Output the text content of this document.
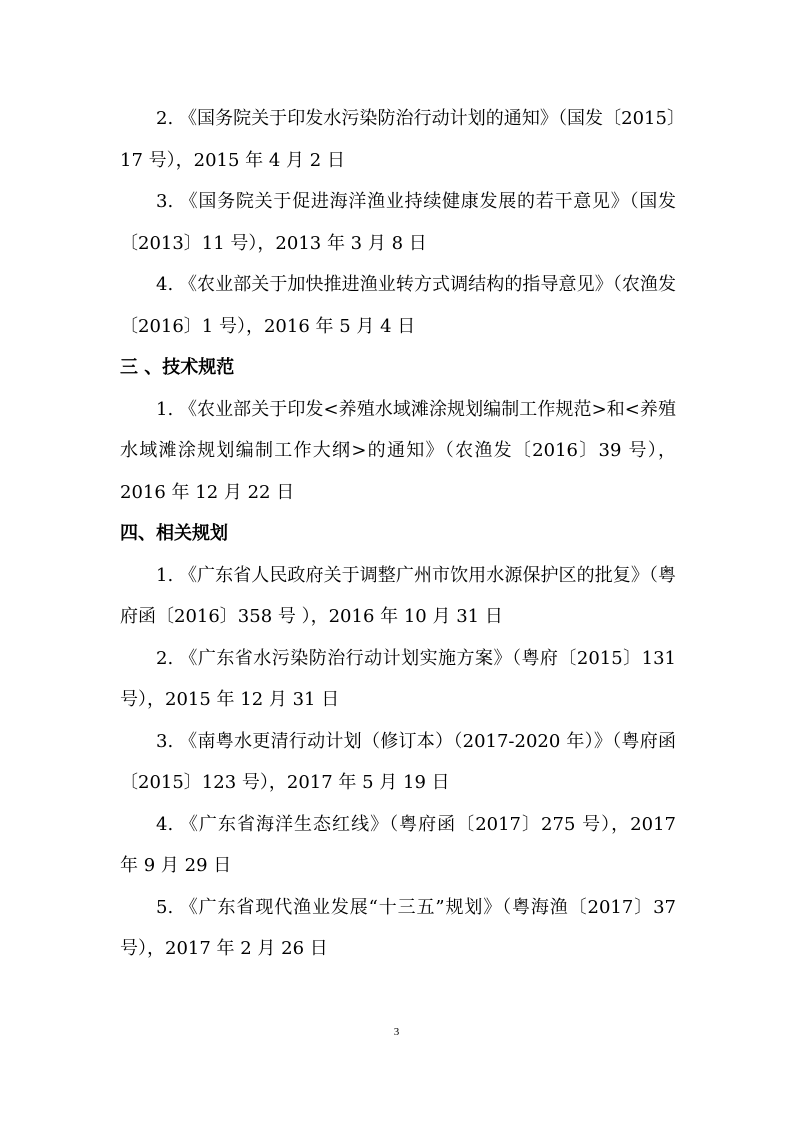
2. 《国务院关于印发水污染防治行动计划的通知》（国发〔2015〕17 号），2015 年 4 月 2 日

3. 《国务院关于促进海洋渔业持续健康发展的若干意见》（国发〔2013〕11 号），2013 年 3 月 8 日

4. 《农业部关于加快推进渔业转方式调结构的指导意见》（农渔发〔2016〕1 号），2016 年 5 月 4 日

三 、技术规范

1. 《农业部关于印发<养殖水域滩涂规划编制工作规范>和<养殖水域滩涂规划编制工作大纲>的通知》（农渔发〔2016〕39 号），2016 年 12 月 22 日

四、相关规划

1. 《广东省人民政府关于调整广州市饮用水源保护区的批复》（粤府函〔2016〕358 号 ），2016 年 10 月 31 日

2. 《广东省水污染防治行动计划实施方案》（粤府〔2015〕131 号），2015 年 12 月 31 日

3. 《南粤水更清行动计划（修订本）（2017-2020 年）》（粤府函〔2015〕123 号），2017 年 5 月 19 日

4. 《广东省海洋生态红线》（粤府函〔2017〕275 号），2017 年 9 月 29 日

5. 《广东省现代渔业发展“十三五”规划》（粤海渔〔2017〕37 号），2017 年 2 月 26 日

3
